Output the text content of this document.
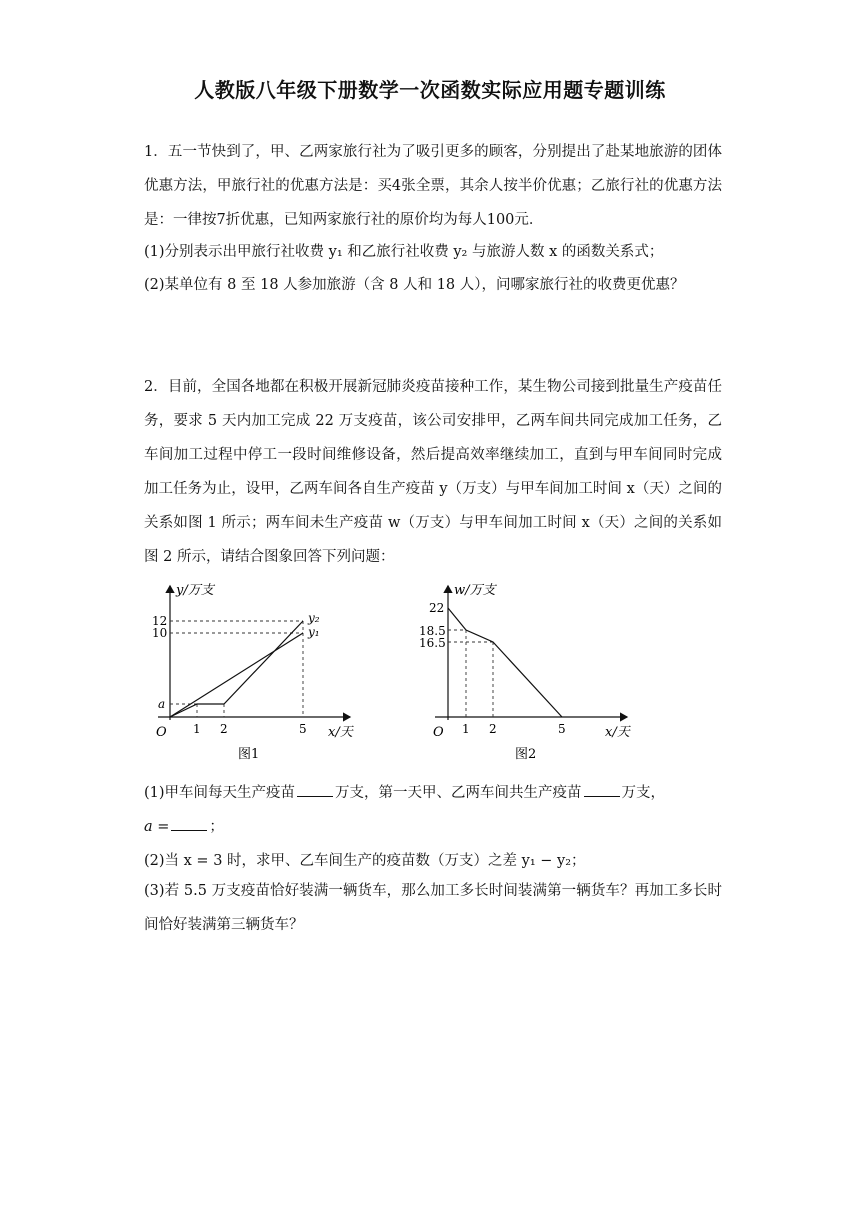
人教版八年级下册数学一次函数实际应用题专题训练

1．五一节快到了，甲、乙两家旅行社为了吸引更多的顾客，分别提出了赴某地旅游的团体优惠方法，甲旅行社的优惠方法是：买4张全票，其余人按半价优惠；乙旅行社的优惠方法是：一律按7折优惠，已知两家旅行社的原价均为每人100元．

(1)分别表示出甲旅行社收费 y₁ 和乙旅行社收费 y₂ 与旅游人数 x 的函数关系式；
(2)某单位有 8 至 18 人参加旅游（含 8 人和 18 人），问哪家旅行社的收费更优惠？

2．目前，全国各地都在积极开展新冠肺炎疫苗接种工作，某生物公司接到批量生产疫苗任务，要求 5 天内加工完成 22 万支疫苗，该公司安排甲，乙两车间共同完成加工任务，乙车间加工过程中停工一段时间维修设备，然后提高效率继续加工，直到与甲车间同时完成加工任务为止，设甲，乙两车间各自生产疫苗 y（万支）与甲车间加工时间 x（天）之间的关系如图 1 所示；两车间未生产疫苗 w（万支）与甲车间加工时间 x（天）之间的关系如图 2 所示，请结合图象回答下列问题：

y/万支
x/天
O
12
10
a
1 2	5
y₂
y₁
图1
w/万支
x/天
O
22
18.5
16.5
1 2	5
图2
(1)甲车间每天生产疫苗	万支，第一天甲、乙两车间共生产疫苗	万支，
a =	；
(2)当 x = 3 时，求甲、乙车间生产的疫苗数（万支）之差 y₁ − y₂；

(3)若 5.5 万支疫苗恰好装满一辆货车，那么加工多长时间装满第一辆货车？再加工多长时间恰好装满第三辆货车？
